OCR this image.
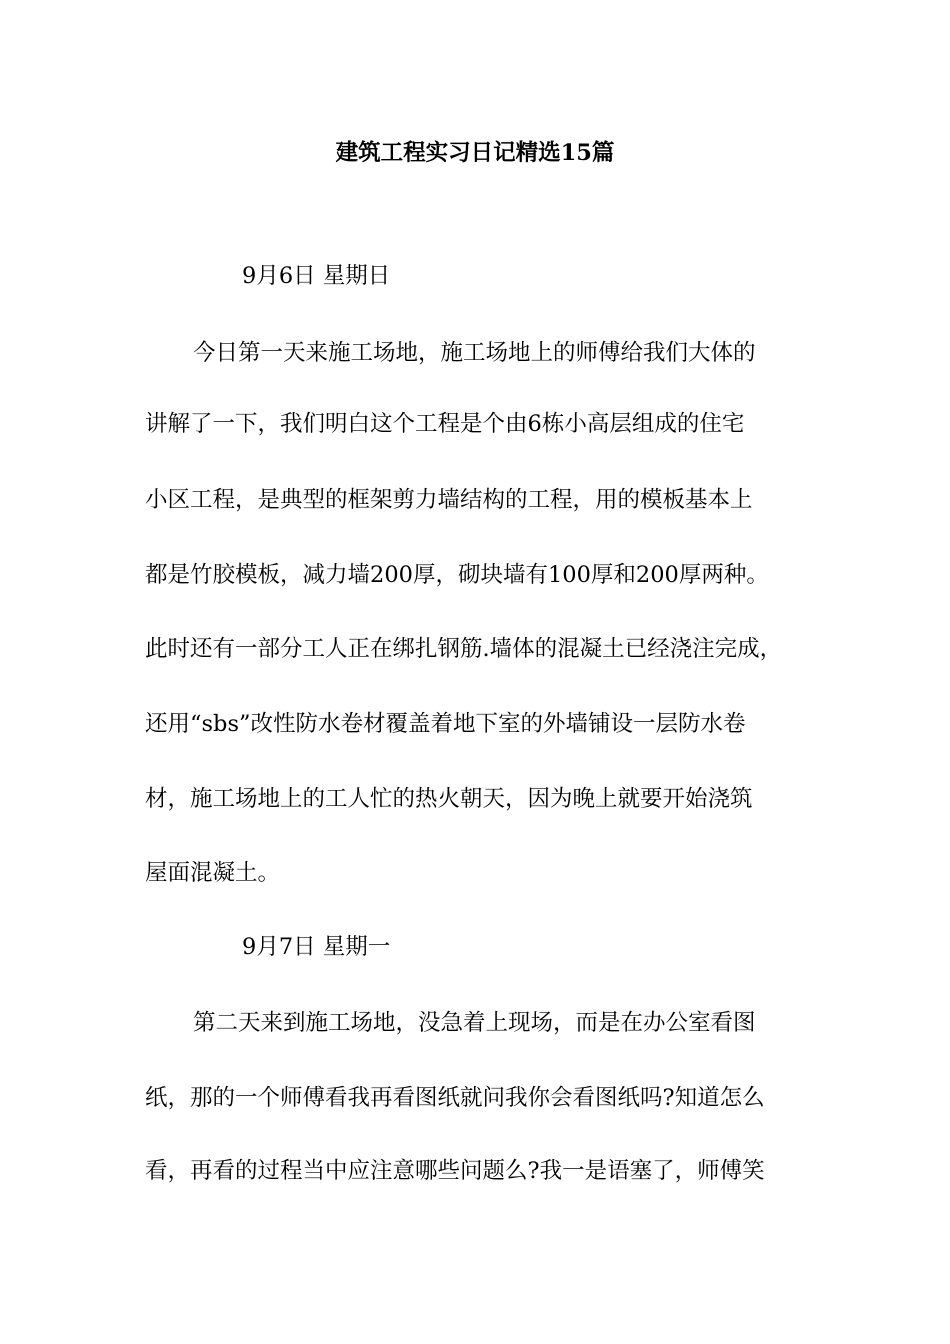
建筑工程实习日记精选15篇
9月6日 星期日
今日第一天来施工场地，施工场地上的师傅给我们大体的
讲解了一下，我们明白这个工程是个由6栋小高层组成的住宅
小区工程，是典型的框架剪力墙结构的工程，用的模板基本上
都是竹胶模板，减力墙200厚，砌块墙有100厚和200厚两种。
此时还有一部分工人正在绑扎钢筋.墙体的混凝土已经浇注完成，
还用“sbs”改性防水卷材覆盖着地下室的外墙铺设一层防水卷
材，施工场地上的工人忙的热火朝天，因为晚上就要开始浇筑
屋面混凝土。
9月7日 星期一
第二天来到施工场地，没急着上现场，而是在办公室看图
纸，那的一个师傅看我再看图纸就问我你会看图纸吗?知道怎么
看，再看的过程当中应注意哪些问题么?我一是语塞了，师傅笑
